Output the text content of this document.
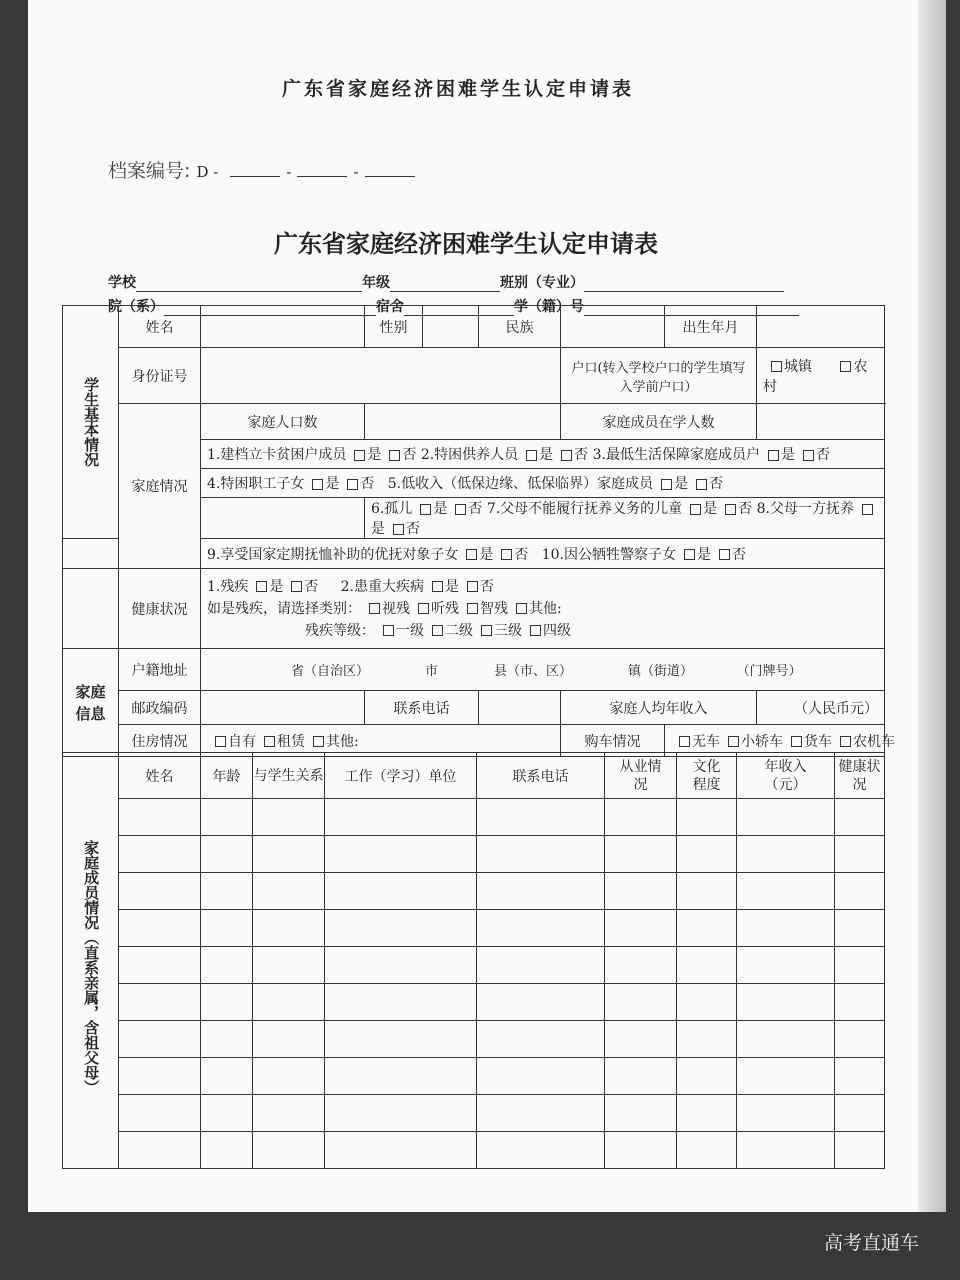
广东省家庭经济困难学生认定申请表
档案编号: D -	-	-
广东省家庭经济困难学生认定申请表
学校	年级	班别（专业）
院（系）	宿舍	学（籍）号
学生基本情况	姓名		性别		民族		出生年月	
	身份证号					户口(转入学校户口的学生填写入学前户口）		城镇 农村
	家庭情况	家庭人口数				家庭成员在学人数		
		1.建档立卡贫困户成员 是 否 2.特困供养人员 是 否 3.最低生活保障家庭成员户 是 否						
		4.特困职工子女 是 否 5.低收入（低保边缘、低保临界）家庭成员 是 否						
			6.孤儿 是 否 7.父母不能履行抚养义务的儿童 是 否 8.父母一方抚养是 否					
		9.享受国家定期抚恤补助的优抚对象子女 是 否 10.因公牺牲警察子女 是 否						
	健康状况	1.残疾 是 否 2.患重大疾病 是 否
如是残疾，请选择类别： 视残 听残 智残 其他:
残疾等级： 一级 二级 三级 四级						

家庭信息	户籍地址	省（自治区） 市 县（市、区） 镇（街道） （门牌号）						
	邮政编码		联系电话			家庭人均年收入		（人民币元）
	住房情况	自有 租赁 其他:				购车情况	无车 小轿车 货车 农机车	
家庭成员情况（直系亲属，含祖父母）	姓名	年龄	与学生关系	工作（学习）单位	联系电话	从业情况	文化程度	年收入（元）	健康状况

高考直通车
